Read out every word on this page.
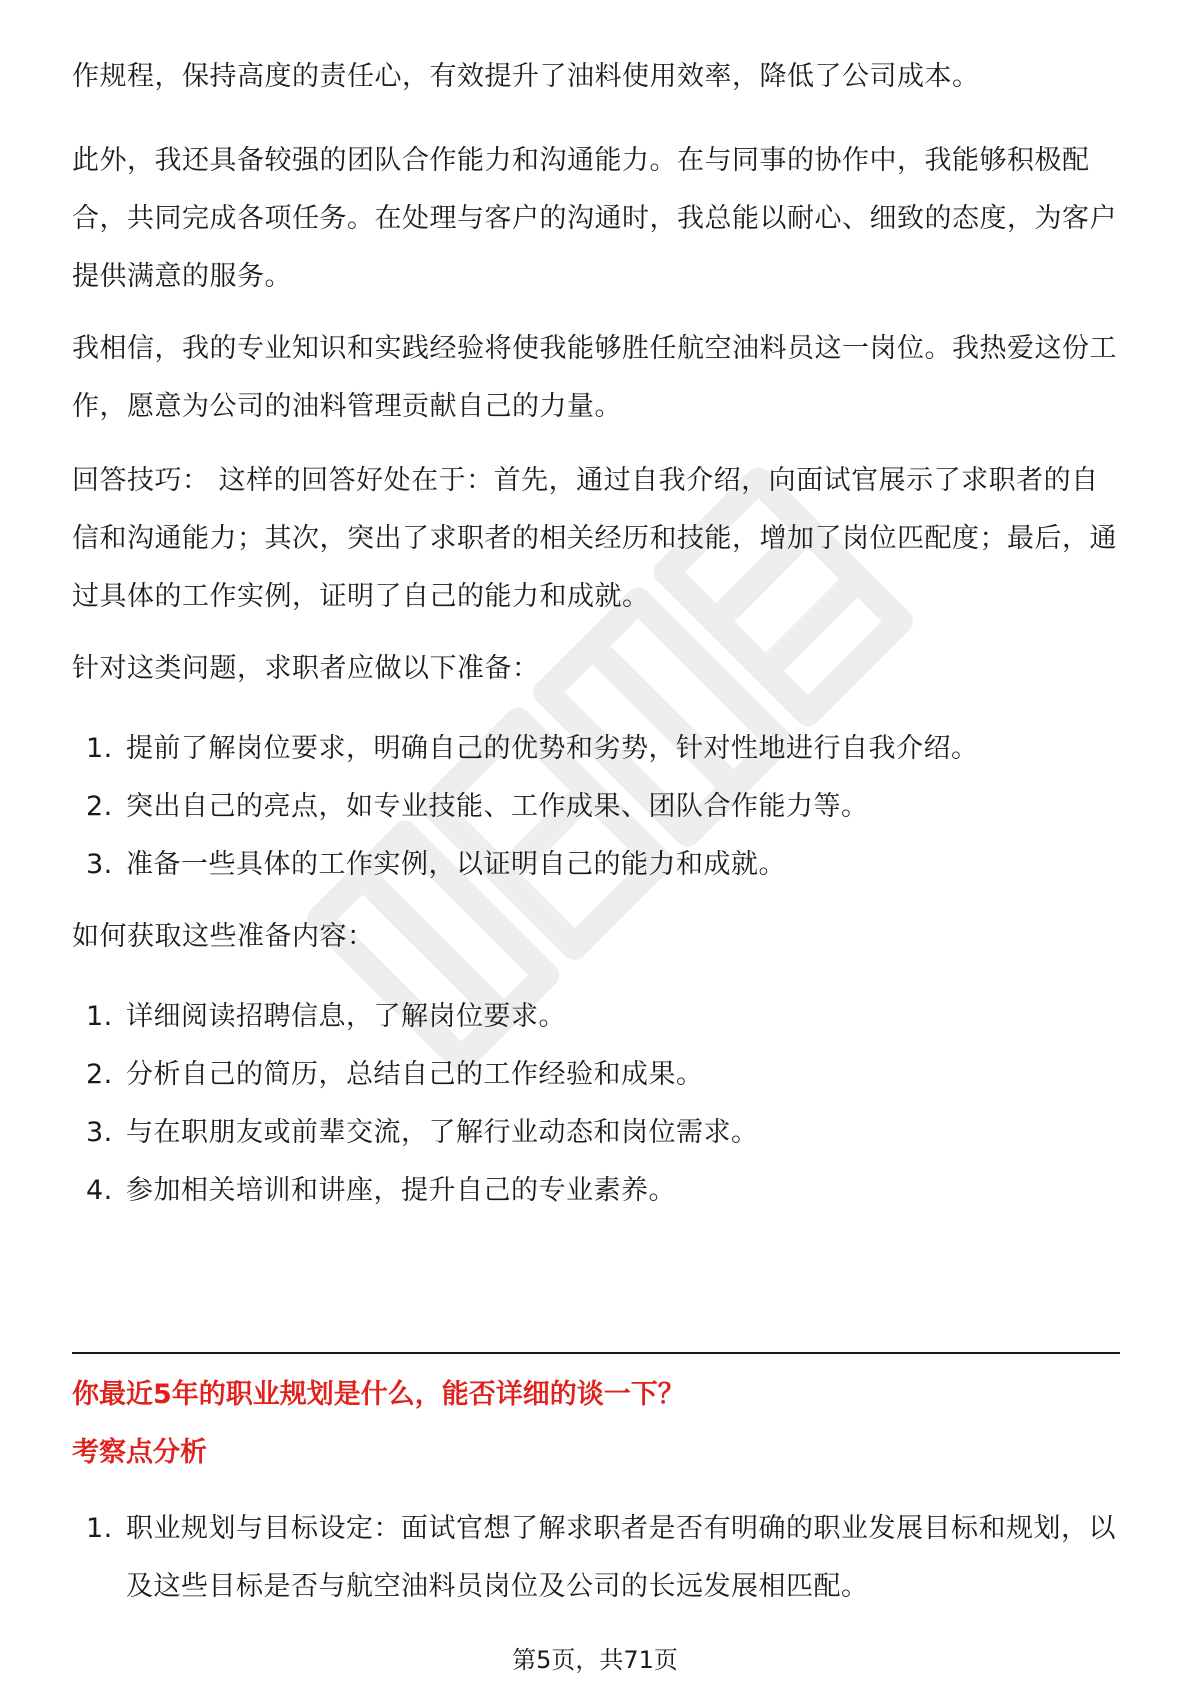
作规程，保持高度的责任心，有效提升了油料使用效率，降低了公司成本。

此外，我还具备较强的团队合作能力和沟通能力。在与同事的协作中，我能够积极配合，共同完成各项任务。在处理与客户的沟通时，我总能以耐心、细致的态度，为客户提供满意的服务。

我相信，我的专业知识和实践经验将使我能够胜任航空油料员这一岗位。我热爱这份工作，愿意为公司的油料管理贡献自己的力量。

回答技巧： 这样的回答好处在于：首先，通过自我介绍，向面试官展示了求职者的自信和沟通能力；其次，突出了求职者的相关经历和技能，增加了岗位匹配度；最后，通过具体的工作实例，证明了自己的能力和成就。

针对这类问题，求职者应做以下准备：

1. 提前了解岗位要求，明确自己的优势和劣势，针对性地进行自我介绍。
2. 突出自己的亮点，如专业技能、工作成果、团队合作能力等。
3. 准备一些具体的工作实例，以证明自己的能力和成就。

如何获取这些准备内容：

1. 详细阅读招聘信息，了解岗位要求。
2. 分析自己的简历，总结自己的工作经验和成果。
3. 与在职朋友或前辈交流，了解行业动态和岗位需求。
4. 参加相关培训和讲座，提升自己的专业素养。
你最近5年的职业规划是什么，能否详细的谈一下？
考察点分析
1. 职业规划与目标设定：面试官想了解求职者是否有明确的职业发展目标和规划，以及这些目标是否与航空油料员岗位及公司的长远发展相匹配。
第5页，共71页
